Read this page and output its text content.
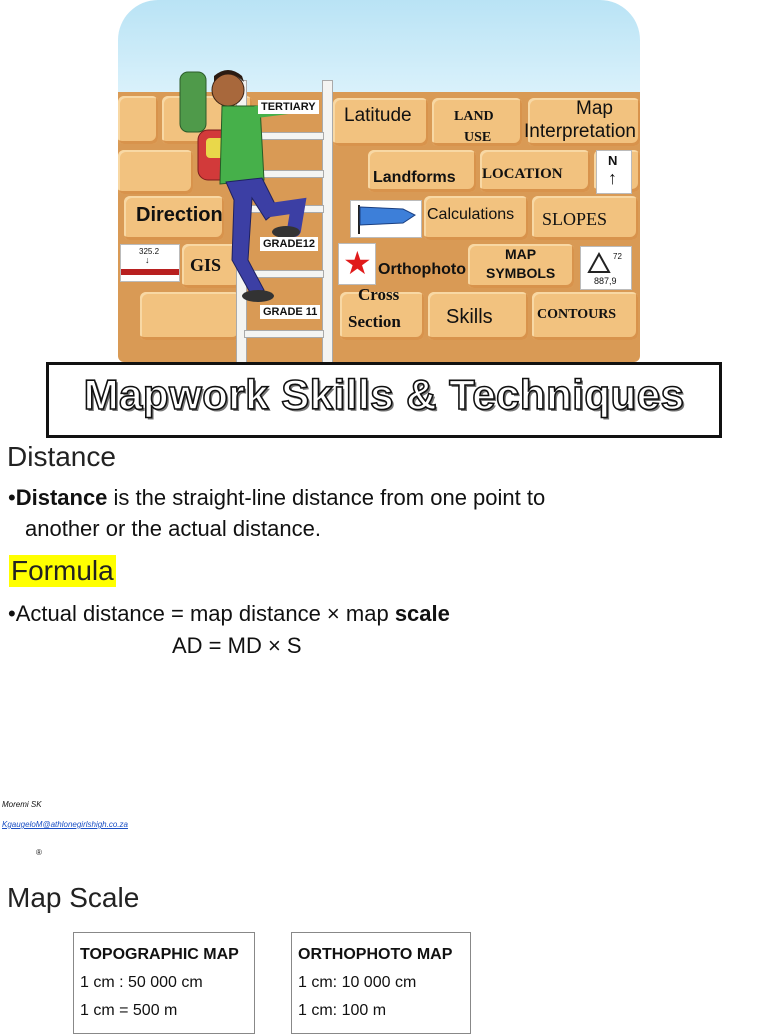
TERTIARY
GRADE12
GRADE 11
Latitude	LAND
USE
Map
Interpretation
Landforms LOCATION
N
↑
Direction	Calculations SLOPES
325.2
↓ GIS	★ Orthophoto
MAP
SYMBOLS
72
887,9
Cross
Section Skills	CONTOURS
Mapwork Skills & Techniques
Distance
•Distance is the straight-line distance from one point to
another or the actual distance.
Formula
•Actual distance = map distance × map scale
AD = MD × S
Moremi SK
KgaugeloM@athlonegirlshigh.co.za
®
Map Scale
TOPOGRAPHIC MAP
1 cm : 50 000 cm
1 cm = 500 m
ORTHOPHOTO MAP
1 cm: 10 000 cm
1 cm: 100 m
